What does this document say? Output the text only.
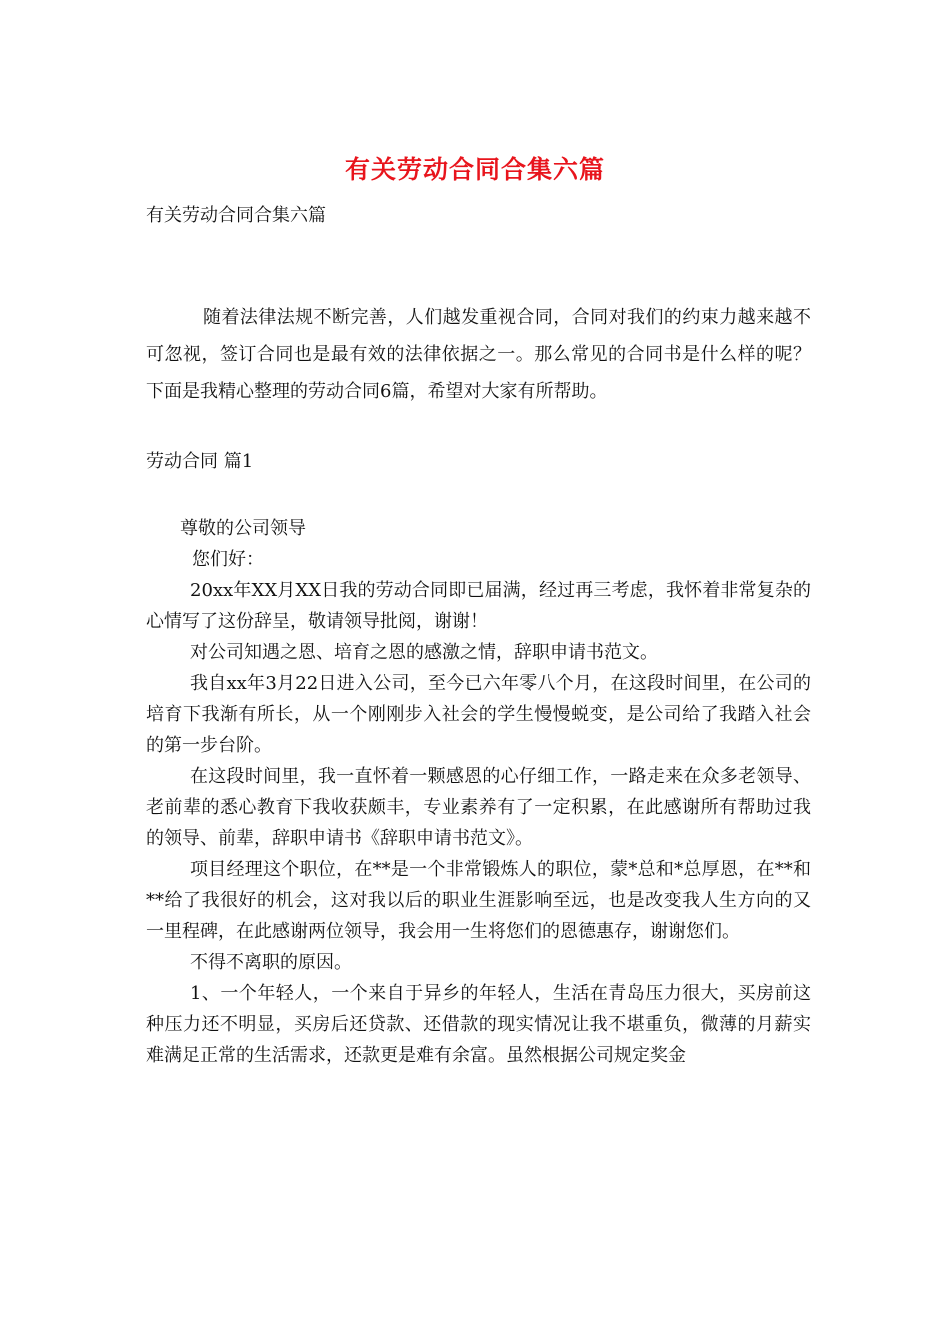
有关劳动合同合集六篇
有关劳动合同合集六篇
随着法律法规不断完善，人们越发重视合同，合同对我们的约束力越来越不可忽视，签订合同也是最有效的法律依据之一。那么常见的合同书是什么样的呢？下面是我精心整理的劳动合同6篇，希望对大家有所帮助。
劳动合同 篇1

尊敬的公司领导

您们好：

20xx年XX月XX日我的劳动合同即已届满，经过再三考虑，我怀着非常复杂的心情写了这份辞呈，敬请领导批阅，谢谢！

对公司知遇之恩、培育之恩的感激之情，辞职申请书范文。

我自xx年3月22日进入公司，至今已六年零八个月，在这段时间里，在公司的培育下我渐有所长，从一个刚刚步入社会的学生慢慢蜕变，是公司给了我踏入社会的第一步台阶。

在这段时间里，我一直怀着一颗感恩的心仔细工作，一路走来在众多老领导、老前辈的悉心教育下我收获颇丰，专业素养有了一定积累，在此感谢所有帮助过我的领导、前辈，辞职申请书《辞职申请书范文》。

项目经理这个职位，在**是一个非常锻炼人的职位，蒙*总和*总厚恩，在**和**给了我很好的机会，这对我以后的职业生涯影响至远，也是改变我人生方向的又一里程碑，在此感谢两位领导，我会用一生将您们的恩德惠存，谢谢您们。

不得不离职的原因。

1、一个年轻人，一个来自于异乡的年轻人，生活在青岛压力很大，买房前这种压力还不明显，买房后还贷款、还借款的现实情况让我不堪重负，微薄的月薪实难满足正常的生活需求，还款更是难有余富。虽然根据公司规定奖金
